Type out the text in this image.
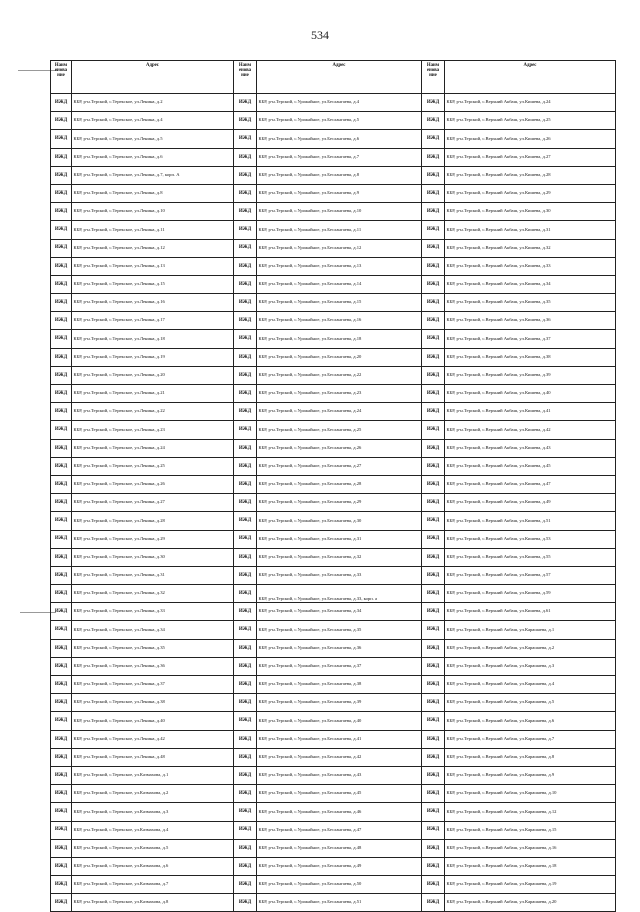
534
Наим енова ние	Адрес	Наим енова ние	Адрес	Наим енова ние	Адрес
ИЖД	КБР, р-н.Терский, с.Терекское, ул.Ленина, д.2	ИЖД	КБР, р-н.Терский, с.Урожайное, ул.Беслангаева, д.4	ИЖД	КБР, р-н.Терский, с.Верхний Акбаш, ул.Кишева, д.24
ИЖД	КБР, р-н.Терский, с.Терекское, ул.Ленина, д.4	ИЖД	КБР, р-н.Терский, с.Урожайное, ул.Беслангаева, д.5	ИЖД	КБР, р-н.Терский, с.Верхний Акбаш, ул.Кишева, д.25
ИЖД	КБР, р-н.Терский, с.Терекское, ул.Ленина, д.5	ИЖД	КБР, р-н.Терский, с.Урожайное, ул.Беслангаева, д.6	ИЖД	КБР, р-н.Терский, с.Верхний Акбаш, ул.Кишева, д.26
ИЖД	КБР, р-н.Терский, с.Терекское, ул.Ленина, д.6	ИЖД	КБР, р-н.Терский, с.Урожайное, ул.Беслангаева, д.7	ИЖД	КБР, р-н.Терский, с.Верхний Акбаш, ул.Кишева, д.27
ИЖД	КБР, р-н.Терский, с.Терекское, ул.Ленина, д.7, корп. А	ИЖД	КБР, р-н.Терский, с.Урожайное, ул.Беслангаева, д.8	ИЖД	КБР, р-н.Терский, с.Верхний Акбаш, ул.Кишева, д.28
ИЖД	КБР, р-н.Терский, с.Терекское, ул.Ленина, д.8	ИЖД	КБР, р-н.Терский, с.Урожайное, ул.Беслангаева, д.9	ИЖД	КБР, р-н.Терский, с.Верхний Акбаш, ул.Кишева, д.29
ИЖД	КБР, р-н.Терский, с.Терекское, ул.Ленина, д.10	ИЖД	КБР, р-н.Терский, с.Урожайное, ул.Беслангаева, д.10	ИЖД	КБР, р-н.Терский, с.Верхний Акбаш, ул.Кишева, д.30
ИЖД	КБР, р-н.Терский, с.Терекское, ул.Ленина, д.11	ИЖД	КБР, р-н.Терский, с.Урожайное, ул.Беслангаева, д.11	ИЖД	КБР, р-н.Терский, с.Верхний Акбаш, ул.Кишева, д.31
ИЖД	КБР, р-н.Терский, с.Терекское, ул.Ленина, д.12	ИЖД	КБР, р-н.Терский, с.Урожайное, ул.Беслангаева, д.12	ИЖД	КБР, р-н.Терский, с.Верхний Акбаш, ул.Кишева, д.32
ИЖД	КБР, р-н.Терский, с.Терекское, ул.Ленина, д.13	ИЖД	КБР, р-н.Терский, с.Урожайное, ул.Беслангаева, д.13	ИЖД	КБР, р-н.Терский, с.Верхний Акбаш, ул.Кишева, д.33
ИЖД	КБР, р-н.Терский, с.Терекское, ул.Ленина, д.15	ИЖД	КБР, р-н.Терский, с.Урожайное, ул.Беслангаева, д.14	ИЖД	КБР, р-н.Терский, с.Верхний Акбаш, ул.Кишева, д.34
ИЖД	КБР, р-н.Терский, с.Терекское, ул.Ленина, д.16	ИЖД	КБР, р-н.Терский, с.Урожайное, ул.Беслангаева, д.15	ИЖД	КБР, р-н.Терский, с.Верхний Акбаш, ул.Кишева, д.35
ИЖД	КБР, р-н.Терский, с.Терекское, ул.Ленина, д.17	ИЖД	КБР, р-н.Терский, с.Урожайное, ул.Беслангаева, д.16	ИЖД	КБР, р-н.Терский, с.Верхний Акбаш, ул.Кишева, д.36
ИЖД	КБР, р-н.Терский, с.Терекское, ул.Ленина, д.18	ИЖД	КБР, р-н.Терский, с.Урожайное, ул.Беслангаева, д.18	ИЖД	КБР, р-н.Терский, с.Верхний Акбаш, ул.Кишева, д.37
ИЖД	КБР, р-н.Терский, с.Терекское, ул.Ленина, д.19	ИЖД	КБР, р-н.Терский, с.Урожайное, ул.Беслангаева, д.20	ИЖД	КБР, р-н.Терский, с.Верхний Акбаш, ул.Кишева, д.38
ИЖД	КБР, р-н.Терский, с.Терекское, ул.Ленина, д.20	ИЖД	КБР, р-н.Терский, с.Урожайное, ул.Беслангаева, д.22	ИЖД	КБР, р-н.Терский, с.Верхний Акбаш, ул.Кишева, д.39
ИЖД	КБР, р-н.Терский, с.Терекское, ул.Ленина, д.21	ИЖД	КБР, р-н.Терский, с.Урожайное, ул.Беслангаева, д.23	ИЖД	КБР, р-н.Терский, с.Верхний Акбаш, ул.Кишева, д.40
ИЖД	КБР, р-н.Терский, с.Терекское, ул.Ленина, д.22	ИЖД	КБР, р-н.Терский, с.Урожайное, ул.Беслангаева, д.24	ИЖД	КБР, р-н.Терский, с.Верхний Акбаш, ул.Кишева, д.41
ИЖД	КБР, р-н.Терский, с.Терекское, ул.Ленина, д.23	ИЖД	КБР, р-н.Терский, с.Урожайное, ул.Беслангаева, д.25	ИЖД	КБР, р-н.Терский, с.Верхний Акбаш, ул.Кишева, д.42
ИЖД	КБР, р-н.Терский, с.Терекское, ул.Ленина, д.24	ИЖД	КБР, р-н.Терский, с.Урожайное, ул.Беслангаева, д.26	ИЖД	КБР, р-н.Терский, с.Верхний Акбаш, ул.Кишева, д.43
ИЖД	КБР, р-н.Терский, с.Терекское, ул.Ленина, д.25	ИЖД	КБР, р-н.Терский, с.Урожайное, ул.Беслангаева, д.27	ИЖД	КБР, р-н.Терский, с.Верхний Акбаш, ул.Кишева, д.45
ИЖД	КБР, р-н.Терский, с.Терекское, ул.Ленина, д.26	ИЖД	КБР, р-н.Терский, с.Урожайное, ул.Беслангаева, д.28	ИЖД	КБР, р-н.Терский, с.Верхний Акбаш, ул.Кишева, д.47
ИЖД	КБР, р-н.Терский, с.Терекское, ул.Ленина, д.27	ИЖД	КБР, р-н.Терский, с.Урожайное, ул.Беслангаева, д.29	ИЖД	КБР, р-н.Терский, с.Верхний Акбаш, ул.Кишева, д.49
ИЖД	КБР, р-н.Терский, с.Терекское, ул.Ленина, д.28	ИЖД	КБР, р-н.Терский, с.Урожайное, ул.Беслангаева, д.30	ИЖД	КБР, р-н.Терский, с.Верхний Акбаш, ул.Кишева, д.51
ИЖД	КБР, р-н.Терский, с.Терекское, ул.Ленина, д.29	ИЖД	КБР, р-н.Терский, с.Урожайное, ул.Беслангаева, д.31	ИЖД	КБР, р-н.Терский, с.Верхний Акбаш, ул.Кишева, д.53
ИЖД	КБР, р-н.Терский, с.Терекское, ул.Ленина, д.30	ИЖД	КБР, р-н.Терский, с.Урожайное, ул.Беслангаева, д.32	ИЖД	КБР, р-н.Терский, с.Верхний Акбаш, ул.Кишева, д.55
ИЖД	КБР, р-н.Терский, с.Терекское, ул.Ленина, д.31	ИЖД	КБР, р-н.Терский, с.Урожайное, ул.Беслангаева, д.33	ИЖД	КБР, р-н.Терский, с.Верхний Акбаш, ул.Кишева, д.57
ИЖД	КБР, р-н.Терский, с.Терекское, ул.Ленина, д.32	ИЖД	КБР, р-н.Терский, с.Урожайное, ул.Беслангаева, д.33, корп. а	ИЖД	КБР, р-н.Терский, с.Верхний Акбаш, ул.Кишева, д.59
ИЖД	КБР, р-н.Терский, с.Терекское, ул.Ленина, д.33	ИЖД	КБР, р-н.Терский, с.Урожайное, ул.Беслангаева, д.34	ИЖД	КБР, р-н.Терский, с.Верхний Акбаш, ул.Кишева, д.61
ИЖД	КБР, р-н.Терский, с.Терекское, ул.Ленина, д.34	ИЖД	КБР, р-н.Терский, с.Урожайное, ул.Беслангаева, д.35	ИЖД	КБР, р-н.Терский, с.Верхний Акбаш, ул.Карашаева, д.1
ИЖД	КБР, р-н.Терский, с.Терекское, ул.Ленина, д.35	ИЖД	КБР, р-н.Терский, с.Урожайное, ул.Беслангаева, д.36	ИЖД	КБР, р-н.Терский, с.Верхний Акбаш, ул.Карашаева, д.2
ИЖД	КБР, р-н.Терский, с.Терекское, ул.Ленина, д.36	ИЖД	КБР, р-н.Терский, с.Урожайное, ул.Беслангаева, д.37	ИЖД	КБР, р-н.Терский, с.Верхний Акбаш, ул.Карашаева, д.3
ИЖД	КБР, р-н.Терский, с.Терекское, ул.Ленина, д.37	ИЖД	КБР, р-н.Терский, с.Урожайное, ул.Беслангаева, д.38	ИЖД	КБР, р-н.Терский, с.Верхний Акбаш, ул.Карашаева, д.4
ИЖД	КБР, р-н.Терский, с.Терекское, ул.Ленина, д.38	ИЖД	КБР, р-н.Терский, с.Урожайное, ул.Беслангаева, д.39	ИЖД	КБР, р-н.Терский, с.Верхний Акбаш, ул.Карашаева, д.5
ИЖД	КБР, р-н.Терский, с.Терекское, ул.Ленина, д.40	ИЖД	КБР, р-н.Терский, с.Урожайное, ул.Беслангаева, д.40	ИЖД	КБР, р-н.Терский, с.Верхний Акбаш, ул.Карашаева, д.6
ИЖД	КБР, р-н.Терский, с.Терекское, ул.Ленина, д.42	ИЖД	КБР, р-н.Терский, с.Урожайное, ул.Беслангаева, д.41	ИЖД	КБР, р-н.Терский, с.Верхний Акбаш, ул.Карашаева, д.7
ИЖД	КБР, р-н.Терский, с.Терекское, ул.Ленина, д.48	ИЖД	КБР, р-н.Терский, с.Урожайное, ул.Беслангаева, д.42	ИЖД	КБР, р-н.Терский, с.Верхний Акбаш, ул.Карашаева, д.8
ИЖД	КБР, р-н.Терский, с.Терекское, ул.Казмахова, д.1	ИЖД	КБР, р-н.Терский, с.Урожайное, ул.Беслангаева, д.43	ИЖД	КБР, р-н.Терский, с.Верхний Акбаш, ул.Карашаева, д.9
ИЖД	КБР, р-н.Терский, с.Терекское, ул.Казмахова, д.2	ИЖД	КБР, р-н.Терский, с.Урожайное, ул.Беслангаева, д.45	ИЖД	КБР, р-н.Терский, с.Верхний Акбаш, ул.Карашаева, д.10
ИЖД	КБР, р-н.Терский, с.Терекское, ул.Казмахова, д.3	ИЖД	КБР, р-н.Терский, с.Урожайное, ул.Беслангаева, д.46	ИЖД	КБР, р-н.Терский, с.Верхний Акбаш, ул.Карашаева, д.12
ИЖД	КБР, р-н.Терский, с.Терекское, ул.Казмахова, д.4	ИЖД	КБР, р-н.Терский, с.Урожайное, ул.Беслангаева, д.47	ИЖД	КБР, р-н.Терский, с.Верхний Акбаш, ул.Карашаева, д.15
ИЖД	КБР, р-н.Терский, с.Терекское, ул.Казмахова, д.5	ИЖД	КБР, р-н.Терский, с.Урожайное, ул.Беслангаева, д.48	ИЖД	КБР, р-н.Терский, с.Верхний Акбаш, ул.Карашаева, д.16
ИЖД	КБР, р-н.Терский, с.Терекское, ул.Казмахова, д.6	ИЖД	КБР, р-н.Терский, с.Урожайное, ул.Беслангаева, д.49	ИЖД	КБР, р-н.Терский, с.Верхний Акбаш, ул.Карашаева, д.18
ИЖД	КБР, р-н.Терский, с.Терекское, ул.Казмахова, д.7	ИЖД	КБР, р-н.Терский, с.Урожайное, ул.Беслангаева, д.50	ИЖД	КБР, р-н.Терский, с.Верхний Акбаш, ул.Карашаева, д.19
ИЖД	КБР, р-н.Терский, с.Терекское, ул.Казмахова, д.8	ИЖД	КБР, р-н.Терский, с.Урожайное, ул.Беслангаева, д.51	ИЖД	КБР, р-н.Терский, с.Верхний Акбаш, ул.Карашаева, д.20
